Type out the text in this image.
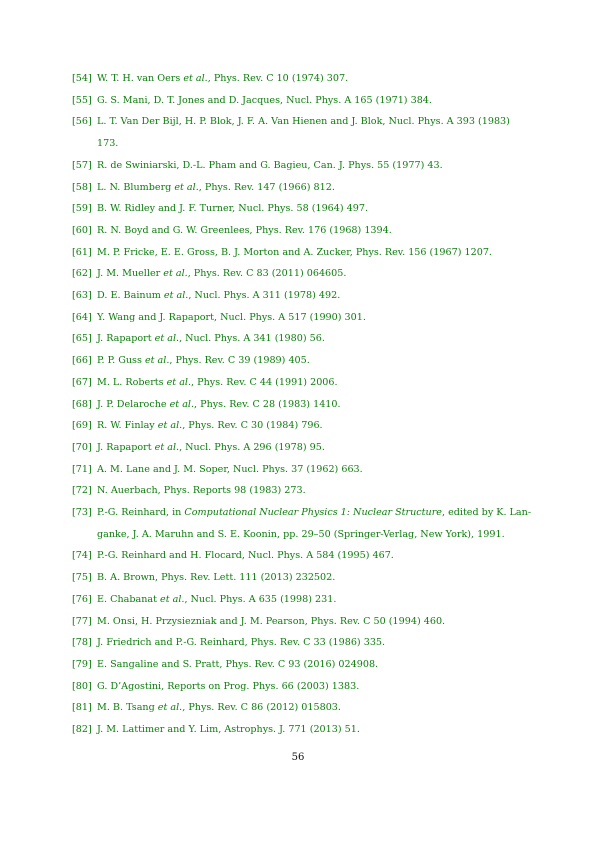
[54] W. T. H. van Oers et al., Phys. Rev. C 10 (1974) 307.
[55] G. S. Mani, D. T. Jones and D. Jacques, Nucl. Phys. A 165 (1971) 384.
[56] L. T. Van Der Bijl, H. P. Blok, J. F. A. Van Hienen and J. Blok, Nucl. Phys. A 393 (1983)
173.
[57] R. de Swiniarski, D.-L. Pham and G. Bagieu, Can. J. Phys. 55 (1977) 43.
[58] L. N. Blumberg et al., Phys. Rev. 147 (1966) 812.
[59] B. W. Ridley and J. F. Turner, Nucl. Phys. 58 (1964) 497.
[60] R. N. Boyd and G. W. Greenlees, Phys. Rev. 176 (1968) 1394.
[61] M. P. Fricke, E. E. Gross, B. J. Morton and A. Zucker, Phys. Rev. 156 (1967) 1207.
[62] J. M. Mueller et al., Phys. Rev. C 83 (2011) 064605.
[63] D. E. Bainum et al., Nucl. Phys. A 311 (1978) 492.
[64] Y. Wang and J. Rapaport, Nucl. Phys. A 517 (1990) 301.
[65] J. Rapaport et al., Nucl. Phys. A 341 (1980) 56.
[66] P. P. Guss et al., Phys. Rev. C 39 (1989) 405.
[67] M. L. Roberts et al., Phys. Rev. C 44 (1991) 2006.
[68] J. P. Delaroche et al., Phys. Rev. C 28 (1983) 1410.
[69] R. W. Finlay et al., Phys. Rev. C 30 (1984) 796.
[70] J. Rapaport et al., Nucl. Phys. A 296 (1978) 95.
[71] A. M. Lane and J. M. Soper, Nucl. Phys. 37 (1962) 663.
[72] N. Auerbach, Phys. Reports 98 (1983) 273.
[73] P.-G. Reinhard, in Computational Nuclear Physics 1: Nuclear Structure, edited by K. Lan-
ganke, J. A. Maruhn and S. E. Koonin, pp. 29–50 (Springer-Verlag, New York), 1991.
[74] P.-G. Reinhard and H. Flocard, Nucl. Phys. A 584 (1995) 467.
[75] B. A. Brown, Phys. Rev. Lett. 111 (2013) 232502.
[76] E. Chabanat et al., Nucl. Phys. A 635 (1998) 231.
[77] M. Onsi, H. Przysiezniak and J. M. Pearson, Phys. Rev. C 50 (1994) 460.
[78] J. Friedrich and P.-G. Reinhard, Phys. Rev. C 33 (1986) 335.
[79] E. Sangaline and S. Pratt, Phys. Rev. C 93 (2016) 024908.
[80] G. D’Agostini, Reports on Prog. Phys. 66 (2003) 1383.
[81] M. B. Tsang et al., Phys. Rev. C 86 (2012) 015803.
[82] J. M. Lattimer and Y. Lim, Astrophys. J. 771 (2013) 51.
56
